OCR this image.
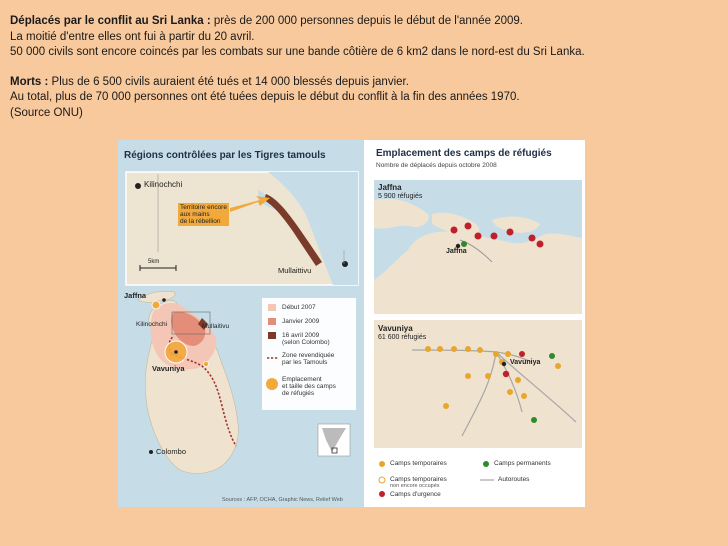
Déplacés par le conflit au Sri Lanka : près de 200 000 personnes depuis le début de l'année 2009.

La moitié d'entre elles ont fui à partir du 20 avril.

50 000 civils sont encore coincés par les combats sur une bande côtière de 6 km2 dans le nord-est du Sri Lanka.

Morts : Plus de 6 500 civils auraient été tués et 14 000 blessés depuis janvier.

Au total, plus de 70 000 personnes ont été tuées depuis le début du conflit à la fin des années 1970.

(Source ONU)

Régions contrôlées par les Tigres tamouls
Kilinochchi
Territoire encore
aux mains
de la rébellion
5km
Mullaittivu
Jaffna
Kilinochchi	Mullaitivu
Vavuniya
Colombo
Début 2007
Janvier 2009
16 avril 2009
(selon Colombo)
Zone revendiquée
par les Tamouls
Emplacement
et taille des camps
de réfugiés
Sources : AFP, OCHA, Graphic News, Relief Web
Emplacement des camps de réfugiés
Nombre de déplacés depuis octobre 2008
Jaffna
5 900 réfugiés
Jaffna
Vavuniya
61 600 réfugiés
Vavuniya
Camps temporaires	Camps permanents
Camps temporaires
non encore occupés
Autoroutes
Camps d'urgence
